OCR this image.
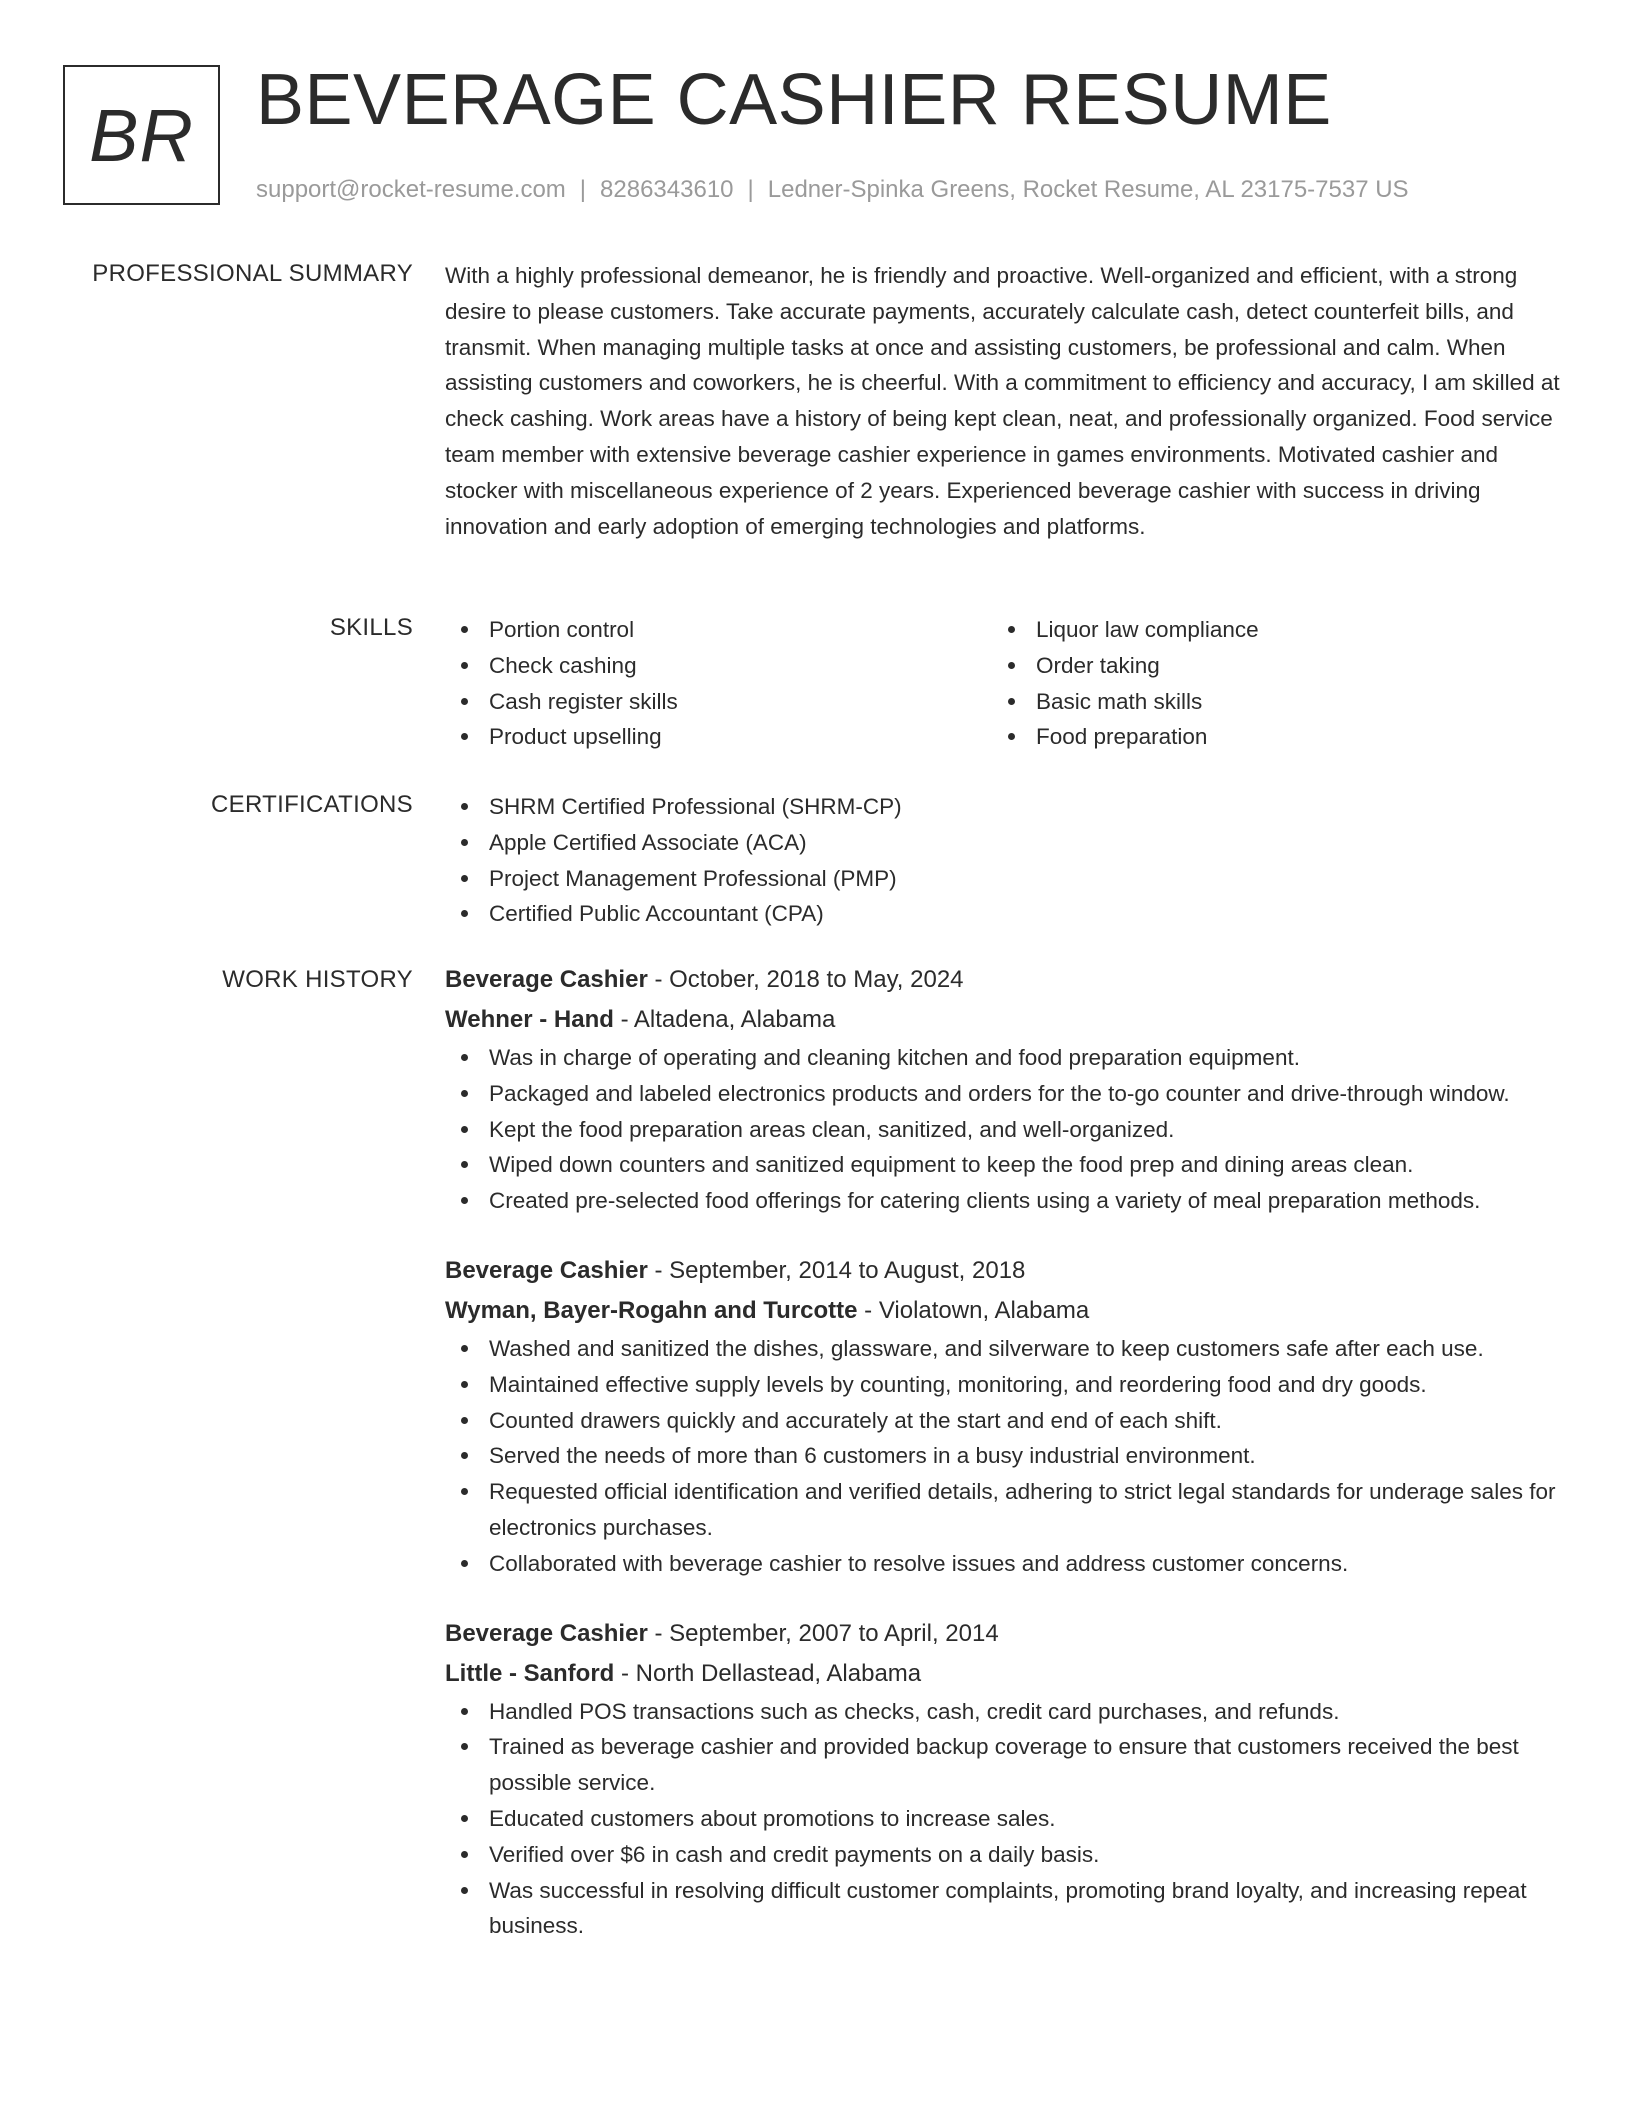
BR BEVERAGE CASHIER RESUME
support@rocket-resume.com | 8286343610 | Ledner-Spinka Greens, Rocket Resume, AL 23175-7537 US
PROFESSIONAL SUMMARY With a highly professional demeanor, he is friendly and proactive. Well-organized and efficient, with a strong desire to please customers. Take accurate payments, accurately calculate cash, detect counterfeit bills, and transmit. When managing multiple tasks at once and assisting customers, be professional and calm. When assisting customers and coworkers, he is cheerful. With a commitment to efficiency and accuracy, I am skilled at check cashing. Work areas have a history of being kept clean, neat, and professionally organized. Food service team member with extensive beverage cashier experience in games environments. Motivated cashier and stocker with miscellaneous experience of 2 years. Experienced beverage cashier with success in driving innovation and early adoption of emerging technologies and platforms.

SKILLS	Portion control
Check cashing
Cash register skills
Product upselling
Liquor law compliance
Order taking
Basic math skills
Food preparation
CERTIFICATIONS	SHRM Certified Professional (SHRM-CP)
Apple Certified Associate (ACA)
Project Management Professional (PMP)
Certified Public Accountant (CPA)
WORK HISTORY Beverage Cashier - October, 2018 to May, 2024
Wehner - Hand - Altadena, Alabama
Was in charge of operating and cleaning kitchen and food preparation equipment.
Packaged and labeled electronics products and orders for the to-go counter and drive-through window.
Kept the food preparation areas clean, sanitized, and well-organized.
Wiped down counters and sanitized equipment to keep the food prep and dining areas clean.
Created pre-selected food offerings for catering clients using a variety of meal preparation methods.
Beverage Cashier - September, 2014 to August, 2018
Wyman, Bayer-Rogahn and Turcotte - Violatown, Alabama
Washed and sanitized the dishes, glassware, and silverware to keep customers safe after each use.
Maintained effective supply levels by counting, monitoring, and reordering food and dry goods.
Counted drawers quickly and accurately at the start and end of each shift.
Served the needs of more than 6 customers in a busy industrial environment.
Requested official identification and verified details, adhering to strict legal standards for underage sales for electronics purchases.
Collaborated with beverage cashier to resolve issues and address customer concerns.
Beverage Cashier - September, 2007 to April, 2014
Little - Sanford - North Dellastead, Alabama
Handled POS transactions such as checks, cash, credit card purchases, and refunds.
Trained as beverage cashier and provided backup coverage to ensure that customers received the best possible service.
Educated customers about promotions to increase sales.
Verified over $6 in cash and credit payments on a daily basis.
Was successful in resolving difficult customer complaints, promoting brand loyalty, and increasing repeat business.
